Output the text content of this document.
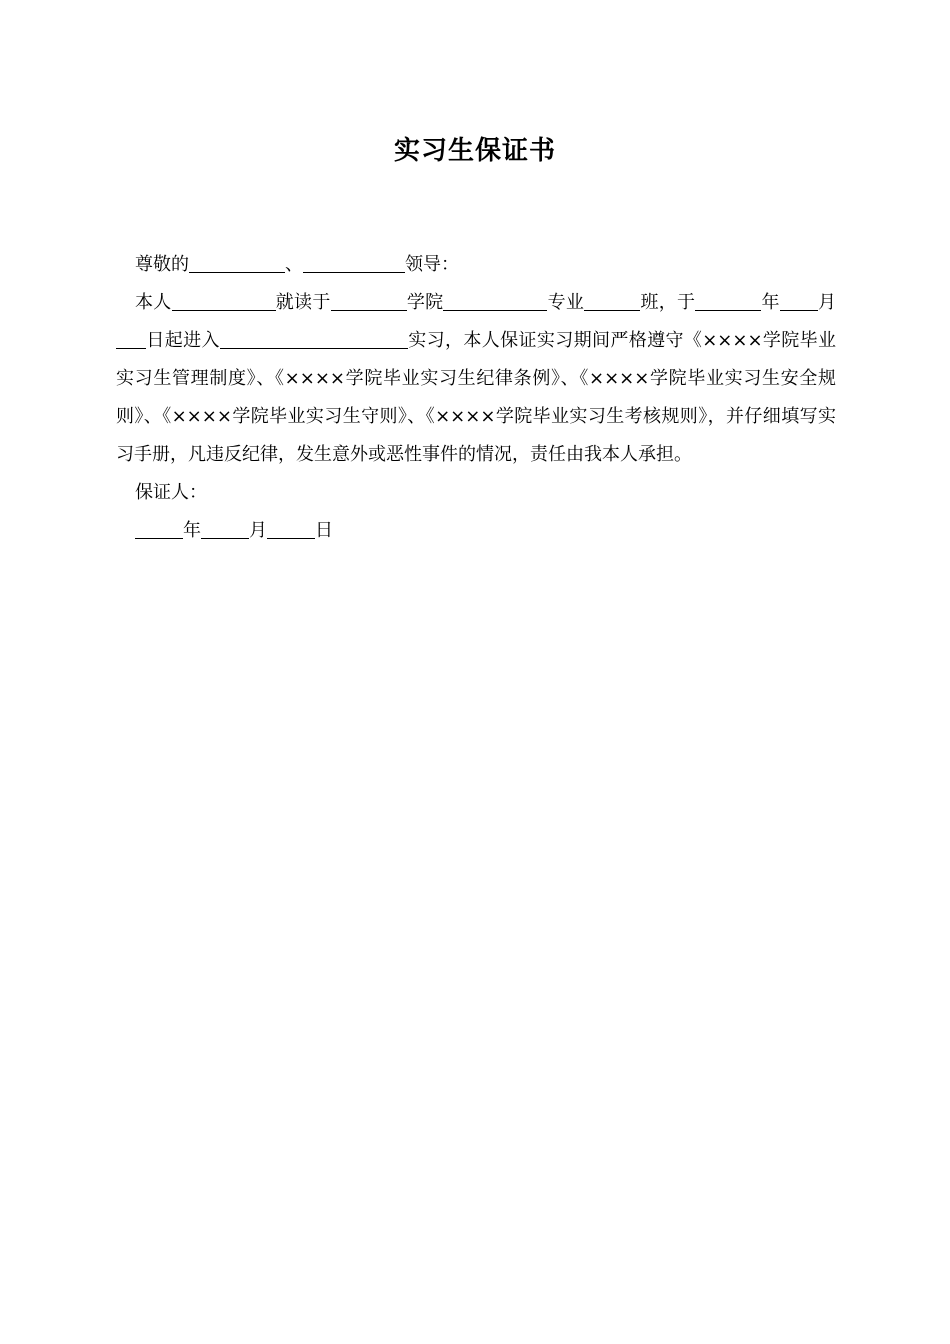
实习生保证书

尊敬的	、	领导：

本人	就读于	学院	专业	班，于	年 月日起进入	实习，本人保证实习期间严格遵守《××××学院毕业实习生管理制度》、《××××学院毕业实习生纪律条例》、《××××学院毕业实习生安全规则》、《××××学院毕业实习生守则》、《××××学院毕业实习生考核规则》，并仔细填写实习手册，凡违反纪律，发生意外或恶性事件的情况，责任由我本人承担。

保证人：

年	月	日
